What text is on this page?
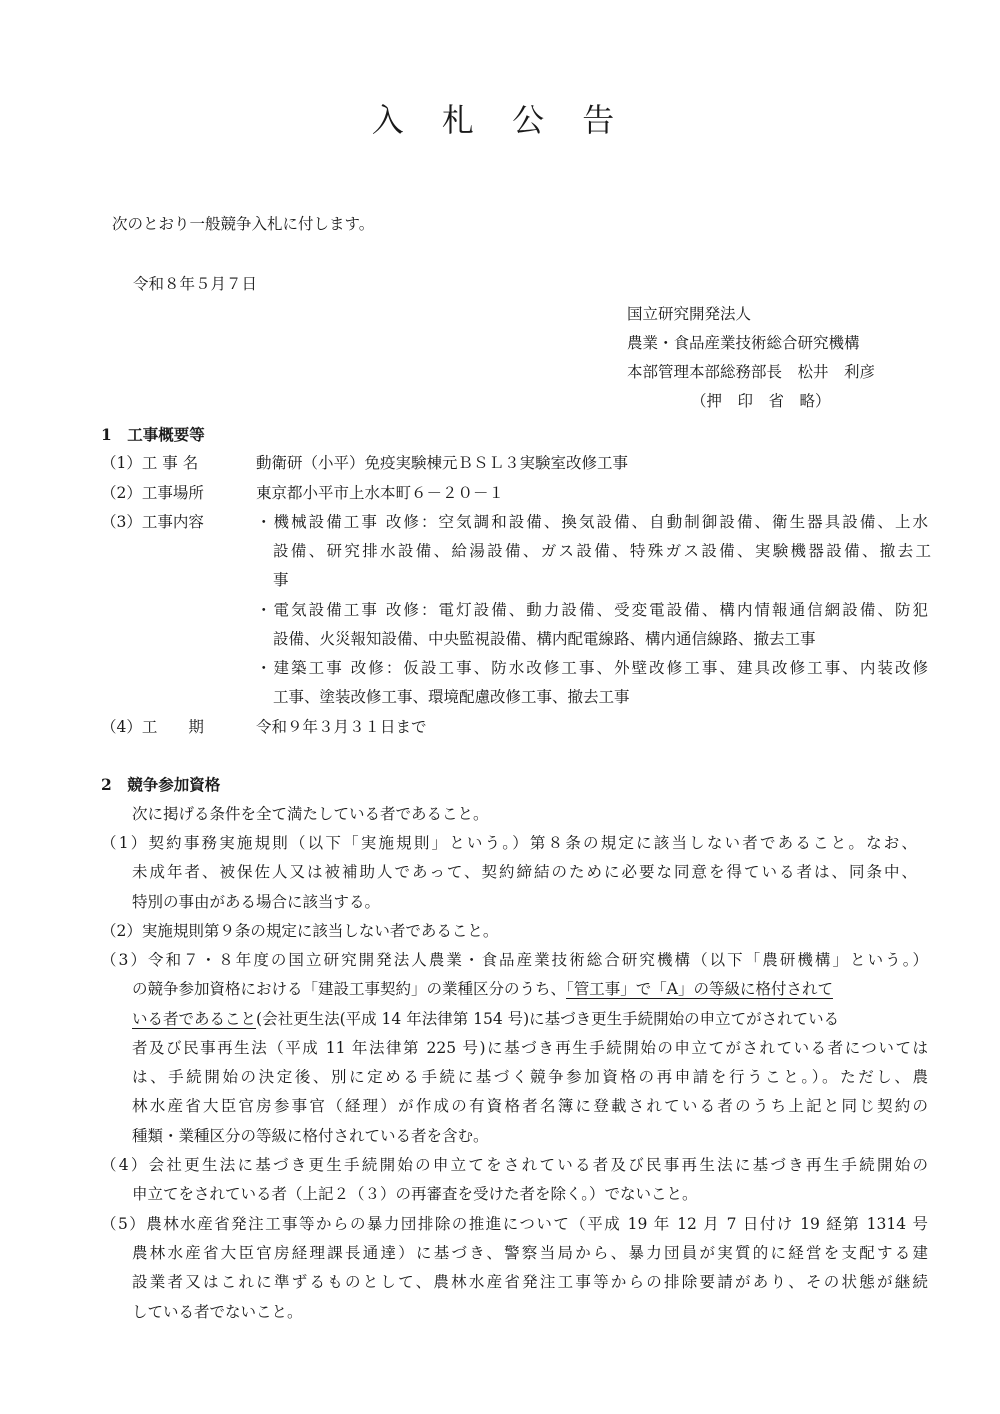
入 札 公 告
次のとおり一般競争入札に付します。
令和８年５月７日
国立研究開発法人
農業・食品産業技術総合研究機構
本部管理本部総務部長　松井　利彦
（押　印　省　略）
1　工事概要等
（1）工 事 名	動衛研（小平）免疫実験棟元ＢＳＬ３実験室改修工事
（2）工事場所	東京都小平市上水本町６－２０－１
（3）工事内容	・機械設備工事 改修：空気調和設備、換気設備、自動制御設備、衛生器具設備、上水
設備、研究排水設備、給湯設備、ガス設備、特殊ガス設備、実験機器設備、撤去工
事
・電気設備工事 改修：電灯設備、動力設備、受変電設備、構内情報通信網設備、防犯
設備、火災報知設備、中央監視設備、構内配電線路、構内通信線路、撤去工事
・建築工事 改修：仮設工事、防水改修工事、外壁改修工事、建具改修工事、内装改修
工事、塗装改修工事、環境配慮改修工事、撤去工事
（4）工　　期	令和９年３月３１日まで
2　競争参加資格
次に掲げる条件を全て満たしている者であること。
（1）契約事務実施規則（以下「実施規則」という。）第８条の規定に該当しない者であること。なお、
未成年者、被保佐人又は被補助人であって、契約締結のために必要な同意を得ている者は、同条中、
特別の事由がある場合に該当する。
（2）実施規則第９条の規定に該当しない者であること。
（3）令和７・８年度の国立研究開発法人農業・食品産業技術総合研究機構（以下「農研機構」という。）
の競争参加資格における「建設工事契約」の業種区分のうち、「管工事」で「A」の等級に格付されて
いる者であること(会社更生法(平成 14 年法律第 154 号)に基づき更生手続開始の申立てがされている
者及び民事再生法（平成 11 年法律第 225 号)に基づき再生手続開始の申立てがされている者については
は、手続開始の決定後、別に定める手続に基づく競争参加資格の再申請を行うこと。）。ただし、農
林水産省大臣官房参事官（経理）が作成の有資格者名簿に登載されている者のうち上記と同じ契約の
種類・業種区分の等級に格付されている者を含む。
（4）会社更生法に基づき更生手続開始の申立てをされている者及び民事再生法に基づき再生手続開始の
申立てをされている者（上記２（３）の再審査を受けた者を除く。）でないこと。
（5）農林水産省発注工事等からの暴力団排除の推進について（平成 19 年 12 月 7 日付け 19 経第 1314 号
農林水産省大臣官房経理課長通達）に基づき、警察当局から、暴力団員が実質的に経営を支配する建
設業者又はこれに準ずるものとして、農林水産省発注工事等からの排除要請があり、その状態が継続
している者でないこと。
